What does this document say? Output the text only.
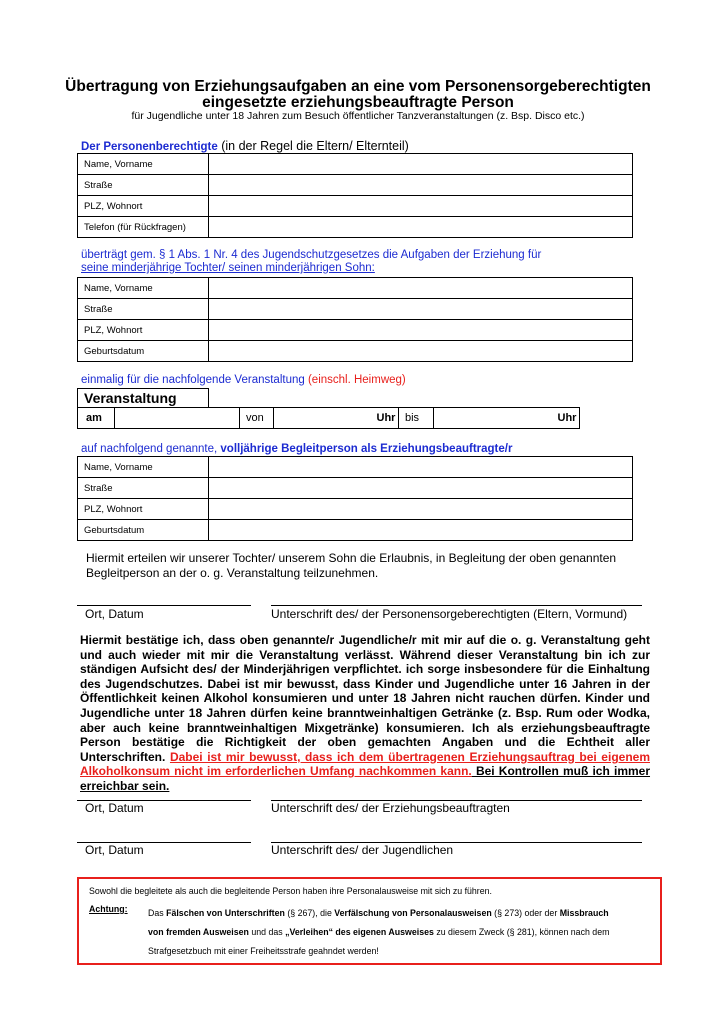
Übertragung von Erziehungsaufgaben an eine vom Personensorgeberechtigten
eingesetzte erziehungsbeauftragte Person
für Jugendliche unter 18 Jahren zum Besuch öffentlicher Tanzveranstaltungen (z. Bsp. Disco etc.)
Der Personenberechtigte (in der Regel die Eltern/ Elternteil)
Name, Vorname	
Straße	
PLZ, Wohnort	
Telefon (für Rückfragen)	
überträgt gem. § 1 Abs. 1 Nr. 4 des Jugendschutzgesetzes die Aufgaben der Erziehung für
seine minderjährige Tochter/ seinen minderjährigen Sohn:
Name, Vorname	
Straße	
PLZ, Wohnort	
Geburtsdatum	
einmalig für die nachfolgende Veranstaltung (einschl. Heimweg)
Veranstaltung
am		von		Uhr	bis		Uhr	
auf nachfolgend genannte, volljährige Begleitperson als Erziehungsbeauftragte/r
Name, Vorname	
Straße	
PLZ, Wohnort	
Geburtsdatum	
Hiermit erteilen wir unserer Tochter/ unserem Sohn die Erlaubnis, in Begleitung der oben genannten
Begleitperson an der o. g. Veranstaltung teilzunehmen.
Ort, Datum	Unterschrift des/ der Personensorgeberechtigten (Eltern, Vormund)
Hiermit bestätige ich, dass oben genannte/r Jugendliche/r mit mir auf die o. g. Veranstaltung geht und auch wieder mit mir die Veranstaltung verlässt. Während dieser Veranstaltung bin ich zur ständigen Aufsicht des/ der Minderjährigen verpflichtet. ich sorge insbesondere für die Einhaltung des Jugendschutzes. Dabei ist mir bewusst, dass Kinder und Jugendliche unter 16 Jahren in der Öffentlichkeit keinen Alkohol konsumieren und unter 18 Jahren nicht rauchen dürfen. Kinder und Jugendliche unter 18 Jahren dürfen keine branntweinhaltigen Getränke (z. Bsp. Rum oder Wodka, aber auch keine branntweinhaltigen Mixgetränke) konsumieren. Ich als erziehungsbeauftragte Person bestätige die Richtigkeit der oben gemachten Angaben und die Echtheit aller Unterschriften. Dabei ist mir bewusst, dass ich dem übertragenen Erziehungsauftrag bei eigenem Alkoholkonsum nicht im erforderlichen Umfang nachkommen kann. Bei Kontrollen muß ich immer erreichbar sein.
Ort, Datum	Unterschrift des/ der Erziehungsbeauftragten
Ort, Datum	Unterschrift des/ der Jugendlichen
Sowohl die begleitete als auch die begleitende Person haben ihre Personalausweise mit sich zu führen.
Achtung: Das Fälschen von Unterschriften (§ 267), die Verfälschung von Personalausweisen (§ 273) oder der Missbrauch
von fremden Ausweisen und das „Verleihen“ des eigenen Ausweises zu diesem Zweck (§ 281), können nach dem
Strafgesetzbuch mit einer Freiheitsstrafe geahndet werden!
